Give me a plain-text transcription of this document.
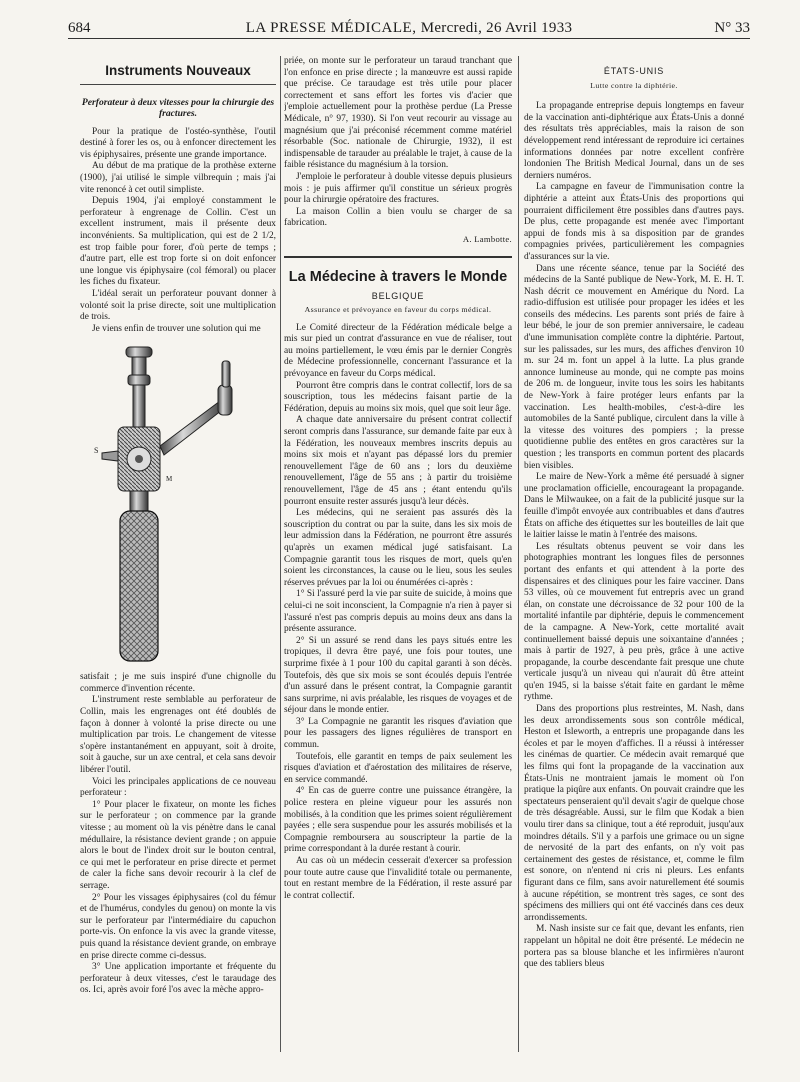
684	LA PRESSE MÉDICALE, Mercredi, 26 Avril 1933	N° 33
Instruments Nouveaux
Perforateur à deux vitesses pour la chirurgie des fractures.

Pour la pratique de l'ostéo-synthèse, l'outil destiné à forer les os, ou à enfoncer directement les vis épiphysaires, présente une grande importance.

Au début de ma pratique de la prothèse externe (1900), j'ai utilisé le simple vilbrequin ; mais j'ai vite renoncé à cet outil simpliste.

Depuis 1904, j'ai employé constamment le perforateur à engrenage de Collin. C'est un excellent instrument, mais il présente deux inconvénients. Sa multiplication, qui est de 2 1/2, est trop faible pour forer, d'où perte de temps ; d'autre part, elle est trop forte si on doit enfoncer une longue vis épiphysaire (col fémoral) ou placer les fiches du fixateur.

L'idéal serait un perforateur pouvant donner à volonté soit la prise directe, soit une multiplication de trois.

Je viens enfin de trouver une solution qui me

S
M

satisfait ; je me suis inspiré d'une chignolle du commerce d'invention récente.

L'instrument reste semblable au perforateur de Collin, mais les engrenages ont été doublés de façon à donner à volonté la prise directe ou une multiplication par trois. Le changement de vitesse s'opère instantanément en appuyant, soit à droite, soit à gauche, sur un axe central, et cela sans devoir libérer l'outil.

Voici les principales applications de ce nouveau perforateur :

1° Pour placer le fixateur, on monte les fiches sur le perforateur ; on commence par la grande vitesse ; au moment où la vis pénètre dans le canal médullaire, la résistance devient grande ; on appuie alors le bout de l'index droit sur le bouton central, ce qui met le perforateur en prise directe et permet de caler la fiche sans devoir recourir à la clef de serrage.

2° Pour les vissages épiphysaires (col du fémur et de l'humérus, condyles du genou) on monte la vis sur le perforateur par l'intermédiaire du capuchon porte-vis. On enfonce la vis avec la grande vitesse, puis quand la résistance devient grande, on embraye en prise directe comme ci-dessus.

3° Une application importante et fréquente du perforateur à deux vitesses, c'est le taraudage des os. Ici, après avoir foré l'os avec la mèche appro-

priée, on monte sur le perforateur un taraud tranchant que l'on enfonce en prise directe ; la manœuvre est aussi rapide que précise. Ce taraudage est très utile pour placer correctement et sans effort les fortes vis d'acier que j'emploie actuellement pour la prothèse perdue (La Presse Médicale, n° 97, 1930). Si l'on veut recourir au vissage au magnésium que j'ai préconisé récemment comme matériel résorbable (Soc. nationale de Chirurgie, 1932), il est indispensable de tarauder au préalable le trajet, à cause de la faible résistance du magnésium à la torsion.

J'emploie le perforateur à double vitesse depuis plusieurs mois : je puis affirmer qu'il constitue un sérieux progrès pour la chirurgie opératoire des fractures.

La maison Collin a bien voulu se charger de sa fabrication.

A. Lambotte.
La Médecine à travers le Monde
BELGIQUE
Assurance et prévoyance en faveur du corps médical.

Le Comité directeur de la Fédération médicale belge a mis sur pied un contrat d'assurance en vue de réaliser, tout au moins partiellement, le vœu émis par le dernier Congrès de Médecine professionnelle, concernant l'assurance et la prévoyance en faveur du Corps médical.

Pourront être compris dans le contrat collectif, lors de sa souscription, tous les médecins faisant partie de la Fédération, depuis au moins six mois, quel que soit leur âge.

A chaque date anniversaire du présent contrat collectif seront compris dans l'assurance, sur demande faite par eux à la Fédération, les nouveaux membres inscrits depuis au moins six mois et n'ayant pas dépassé lors du premier renouvellement l'âge de 60 ans ; lors du deuxième renouvellement, l'âge de 55 ans ; à partir du troisième renouvellement, l'âge de 45 ans ; étant entendu qu'ils pourront ensuite rester assurés jusqu'à leur décès.

Les médecins, qui ne seraient pas assurés dès la souscription du contrat ou par la suite, dans les six mois de leur admission dans la Fédération, ne pourront être assurés qu'après un examen médical jugé satisfaisant. La Compagnie garantit tous les risques de mort, quels qu'en soient les circonstances, la cause ou le lieu, sous les seules réserves prévues par la loi ou énumérées ci-après :

1° Si l'assuré perd la vie par suite de suicide, à moins que celui-ci ne soit inconscient, la Compagnie n'a rien à payer si l'assuré n'est pas compris depuis au moins deux ans dans la présente assurance.

2° Si un assuré se rend dans les pays situés entre les tropiques, il devra être payé, une fois pour toutes, une surprime fixée à 1 pour 100 du capital garanti à son décès. Toutefois, dès que six mois se sont écoulés depuis l'entrée d'un assuré dans le présent contrat, la Compagnie garantit sans surprime, ni avis préalable, les risques de voyages et de séjour dans le monde entier.

3° La Compagnie ne garantit les risques d'aviation que pour les passagers des lignes régulières de transport en commun.

Toutefois, elle garantit en temps de paix seulement les risques d'aviation et d'aérostation des militaires de réserve, en service commandé.

4° En cas de guerre contre une puissance étrangère, la police restera en pleine vigueur pour les assurés non mobilisés, à la condition que les primes soient régulièrement payées ; elle sera suspendue pour les assurés mobilisés et la Compagnie remboursera au souscripteur la partie de la prime correspondant à la durée restant à courir.

Au cas où un médecin cesserait d'exercer sa profession pour toute autre cause que l'invalidité totale ou permanente, tout en restant membre de la Fédération, il reste assuré par le contrat collectif.

ÉTATS-UNIS
Lutte contre la diphtérie.

La propagande entreprise depuis longtemps en faveur de la vaccination anti-diphtérique aux États-Unis a donné des résultats très appréciables, mais la raison de son développement rend intéressant de reproduire ici certaines informations données par notre excellent confrère londonien The British Medical Journal, dans un de ses derniers numéros.

La campagne en faveur de l'immunisation contre la diphtérie a atteint aux États-Unis des proportions qui pourraient difficilement être possibles dans d'autres pays. De plus, cette propagande est menée avec l'important appui de fonds mis à sa disposition par de grandes compagnies privées, particulièrement les compagnies d'assurances sur la vie.

Dans une récente séance, tenue par la Société des médecins de la Santé publique de New-York, M. E. H. T. Nash décrit ce mouvement en Amérique du Nord. La radio-diffusion est utilisée pour propager les idées et les conseils des médecins. Les parents sont priés de faire à leur bébé, le jour de son premier anniversaire, le cadeau d'une immunisation complète contre la diphtérie. Partout, sur les palissades, sur les murs, des affiches d'environ 10 m. sur 24 m. font un appel à la lutte. La plus grande annonce lumineuse au monde, qui ne compte pas moins de 206 m. de longueur, invite tous les soirs les habitants de New-York à faire protéger leurs enfants par la vaccination. Les health-mobiles, c'est-à-dire les automobiles de la Santé publique, circulent dans la ville à la vitesse des voitures des pompiers ; la presse quotidienne publie des entêtes en gros caractères sur la question ; les transports en commun portent des placards bien visibles.

Le maire de New-York a même été persuadé à signer une proclamation officielle, encourageant la propagande. Dans le Milwaukee, on a fait de la publicité jusque sur la feuille d'impôt envoyée aux contribuables et dans d'autres États on affiche des étiquettes sur les bouteilles de lait que le laitier laisse le matin à l'entrée des maisons.

Les résultats obtenus peuvent se voir dans les photographies montrant les longues files de personnes portant des enfants et qui attendent à la porte des dispensaires et des cliniques pour les faire vacciner. Dans 53 villes, où ce mouvement fut entrepris avec un grand élan, on constate une décroissance de 32 pour 100 de la mortalité infantile par diphtérie, depuis le commencement de la campagne. A New-York, cette mortalité avait continuellement baissé depuis une soixantaine d'années ; mais à partir de 1927, à peu près, grâce à une active propagande, la courbe descendante fait presque une chute verticale jusqu'à un niveau qui n'aurait dû être atteint qu'en 1945, si la baisse s'était faite en gardant le même rythme.

Dans des proportions plus restreintes, M. Nash, dans les deux arrondissements sous son contrôle médical, Heston et Isleworth, a entrepris une propagande dans les écoles et par le moyen d'affiches. Il a réussi à intéresser les cinémas de quartier. Ce médecin avait remarqué que les films qui font la propagande de la vaccination aux États-Unis ne montraient jamais le moment où l'on pratique la piqûre aux enfants. On pouvait craindre que les spectateurs penseraient qu'il devait s'agir de quelque chose de très désagréable. Aussi, sur le film que Kodak a bien voulu tirer dans sa clinique, tout a été reproduit, jusqu'aux moindres détails. S'il y a parfois une grimace ou un signe de nervosité de la part des enfants, on n'y voit pas certainement des gestes de résistance, et, comme le film est sonore, on n'entend ni cris ni pleurs. Les enfants figurant dans ce film, sans avoir naturellement été soumis à aucune répétition, se montrent très sages, ce sont des spécimens des milliers qui ont été vaccinés dans ces deux arrondissements.

M. Nash insiste sur ce fait que, devant les enfants, rien rappelant un hôpital ne doit être présenté. Le médecin ne portera pas sa blouse blanche et les infirmières n'auront que des tabliers bleus
